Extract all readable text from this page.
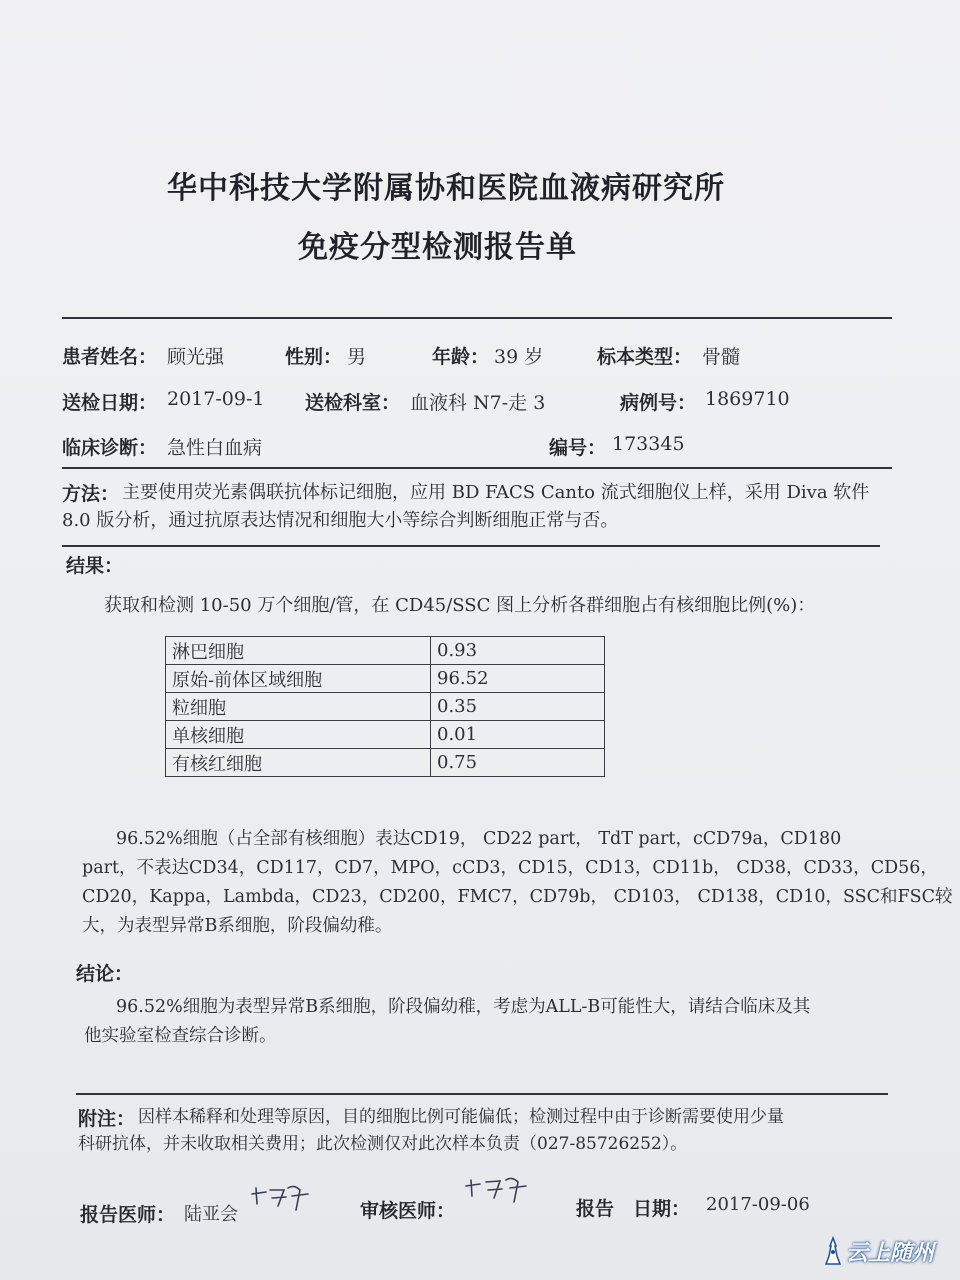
华中科技大学附属协和医院血液病研究所
免疫分型检测报告单
患者姓名： 顾光强	性别： 男	年龄： 39 岁	标本类型： 骨髓
送检日期： 2017-09-1 送检科室： 血液科 N7-走 3	病例号： 1869710
临床诊断： 急性白血病	编号： 173345
方法： 主要使用荧光素偶联抗体标记细胞，应用 BD FACS Canto 流式细胞仪上样，采用 Diva 软件 8.0 版分析，通过抗原表达情况和细胞大小等综合判断细胞正常与否。
结果：
获取和检测 10-50 万个细胞/管，在 CD45/SSC 图上分析各群细胞占有核细胞比例(%)：
淋巴细胞	0.93
原始-前体区域细胞	96.52
粒细胞	0.35
单核细胞	0.01
有核红细胞	0.75
96.52%细胞（占全部有核细胞）表达CD19， CD22 part， TdT part，cCD79a，CD180
part，不表达CD34，CD117，CD7，MPO，cCD3，CD15，CD13，CD11b， CD38，CD33，CD56，
CD20，Kappa，Lambda，CD23，CD200，FMC7，CD79b， CD103， CD138，CD10，SSC和FSC较
大，为表型异常B系细胞，阶段偏幼稚。
结论：
96.52%细胞为表型异常B系细胞，阶段偏幼稚，考虑为ALL-B可能性大，请结合临床及其
他实验室检查综合诊断。
附注： 因样本稀释和处理等原因，目的细胞比例可能偏低；检测过程中由于诊断需要使用少量
科研抗体，并未收取相关费用；此次检测仅对此次样本负责（027-85726252）。
报告医师： 陆亚会	审核医师：	报告　日期： 2017-09-06
云上随州
